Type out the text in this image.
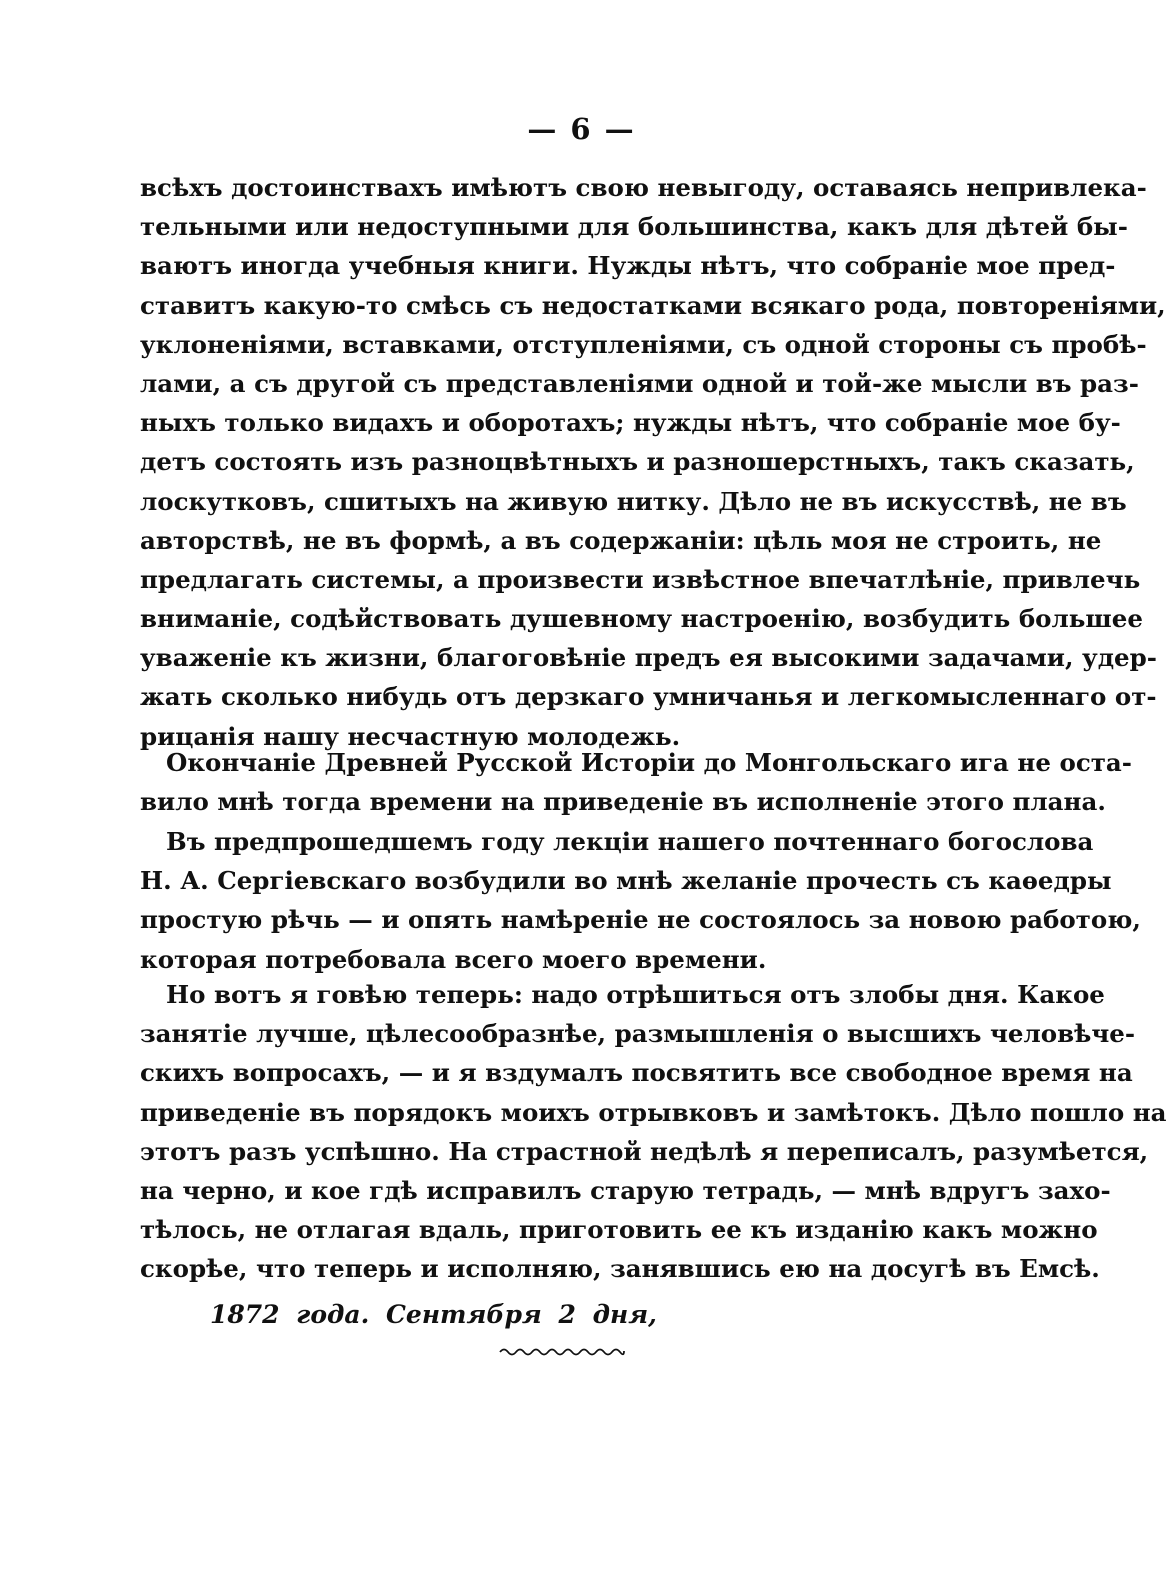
— 6 —
всѣхъ достоинствахъ имѣютъ свою невыгоду, оставаясь непривлека-
тельными или недоступными для большинства, какъ для дѣтей бы-
ваютъ иногда учебныя книги. Нужды нѣтъ, что собраніе мое пред-
ставитъ какую-то смѣсь съ недостатками всякаго рода, повтореніями,
уклоненіями, вставками, отступленіями, съ одной стороны съ пробѣ-
лами, а съ другой съ представленіями одной и той-же мысли въ раз-
ныхъ только видахъ и оборотахъ; нужды нѣтъ, что собраніе мое бу-
детъ состоять изъ разноцвѣтныхъ и разношерстныхъ, такъ сказать,
лоскутковъ, сшитыхъ на живую нитку. Дѣло не въ искусствѣ, не въ
авторствѣ, не въ формѣ, а въ содержаніи: цѣль моя не строить, не
предлагать системы, а произвести извѣстное впечатлѣніе, привлечь
вниманіе, содѣйствовать душевному настроенію, возбудить большее
уваженіе къ жизни, благоговѣніе предъ ея высокими задачами, удер-
жать сколько нибудь отъ дерзкаго умничанья и легкомысленнаго от-
рицанія нашу несчастную молодежь.
Окончаніе Древней Русской Исторіи до Монгольскаго ига не оста-
вило мнѣ тогда времени на приведеніе въ исполненіе этого плана.
Въ предпрошедшемъ году лекціи нашего почтеннаго богослова
Н. А. Сергіевскаго возбудили во мнѣ желаніе прочесть съ каѳедры
простую рѣчь — и опять намѣреніе не состоялось за новою работою,
которая потребовала всего моего времени.
Но вотъ я говѣю теперь: надо отрѣшиться отъ злобы дня. Какое
занятіе лучше, цѣлесообразнѣе, размышленія о высшихъ человѣче-
скихъ вопросахъ, — и я вздумалъ посвятить все свободное время на
приведеніе въ порядокъ моихъ отрывковъ и замѣтокъ. Дѣло пошло на
этотъ разъ успѣшно. На страстной недѣлѣ я переписалъ, разумѣется,
на черно, и кое гдѣ исправилъ старую тетрадь, — мнѣ вдругъ захо-
тѣлось, не отлагая вдаль, приготовить ее къ изданію какъ можно
скорѣе, что теперь и исполняю, занявшись ею на досугѣ въ Емсѣ.
1872 года. Сентября 2 дня,
